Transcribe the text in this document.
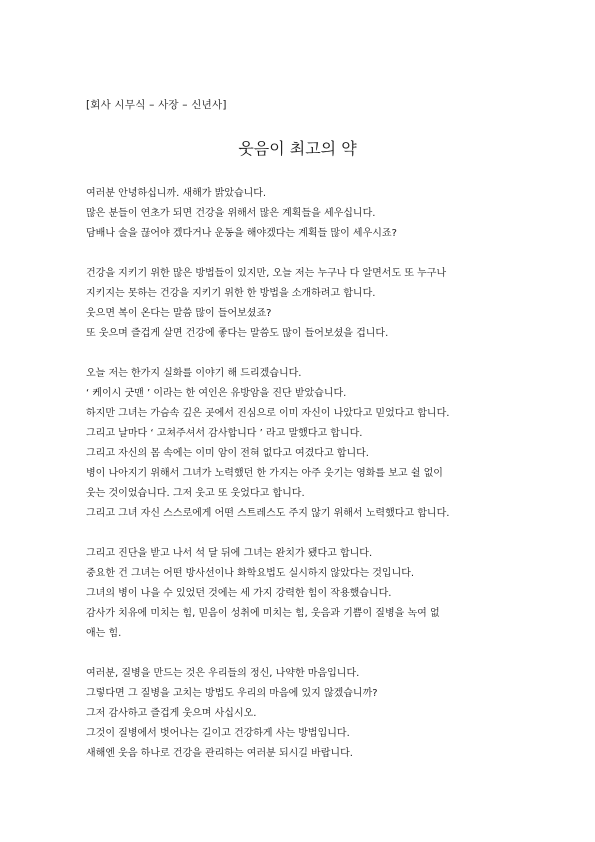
[회사 시무식 – 사장 – 신년사]
웃음이 최고의 약
여러분 안녕하십니까. 새해가 밝았습니다.
많은 분들이 연초가 되면 건강을 위해서 많은 계획들을 세우십니다.
담배나 술을 끊어야 겠다거나 운동을 해야겠다는 계획들 많이 세우시죠?
건강을 지키기 위한 많은 방법들이 있지만, 오늘 저는 누구나 다 알면서도 또 누구나
지키지는 못하는 건강을 지키기 위한 한 방법을 소개하려고 합니다.
웃으면 복이 온다는 말씀 많이 들어보셨죠?
또 웃으며 즐겁게 살면 건강에 좋다는 말씀도 많이 들어보셨을 겁니다.
오늘 저는 한가지 실화를 이야기 해 드리겠습니다.
‘ 케이시 굿맨 ’ 이라는 한 여인은 유방암을 진단 받았습니다.
하지만 그녀는 가슴속 깊은 곳에서 진심으로 이미 자신이 나았다고 믿었다고 합니다.
그리고 날마다 ‘ 고쳐주셔서 감사합니다 ’ 라고 말했다고 합니다.
그리고 자신의 몸 속에는 이미 암이 전혀 없다고 여겼다고 합니다.
병이 나아지기 위해서 그녀가 노력했던 한 가지는 아주 웃기는 영화를 보고 쉴 없이
웃는 것이었습니다. 그저 웃고 또 웃었다고 합니다.
그리고 그녀 자신 스스로에게 어떤 스트레스도 주지 않기 위해서 노력했다고 합니다.
그리고 진단을 받고 나서 석 달 뒤에 그녀는 완치가 됐다고 합니다.
중요한 건 그녀는 어떤 방사선이나 화학요법도 실시하지 않았다는 것입니다.
그녀의 병이 나을 수 있었던 것에는 세 가지 강력한 힘이 작용했습니다.
감사가 치유에 미치는 힘, 믿음이 성취에 미치는 힘, 웃음과 기쁨이 질병을 녹여 없
애는 힘.
여러분, 질병을 만드는 것은 우리들의 정신, 나약한 마음입니다.
그렇다면 그 질병을 고치는 방법도 우리의 마음에 있지 않겠습니까?
그저 감사하고 즐겁게 웃으며 사십시오.
그것이 질병에서 벗어나는 길이고 건강하게 사는 방법입니다.
새해엔 웃음 하나로 건강을 관리하는 여러분 되시길 바랍니다.
